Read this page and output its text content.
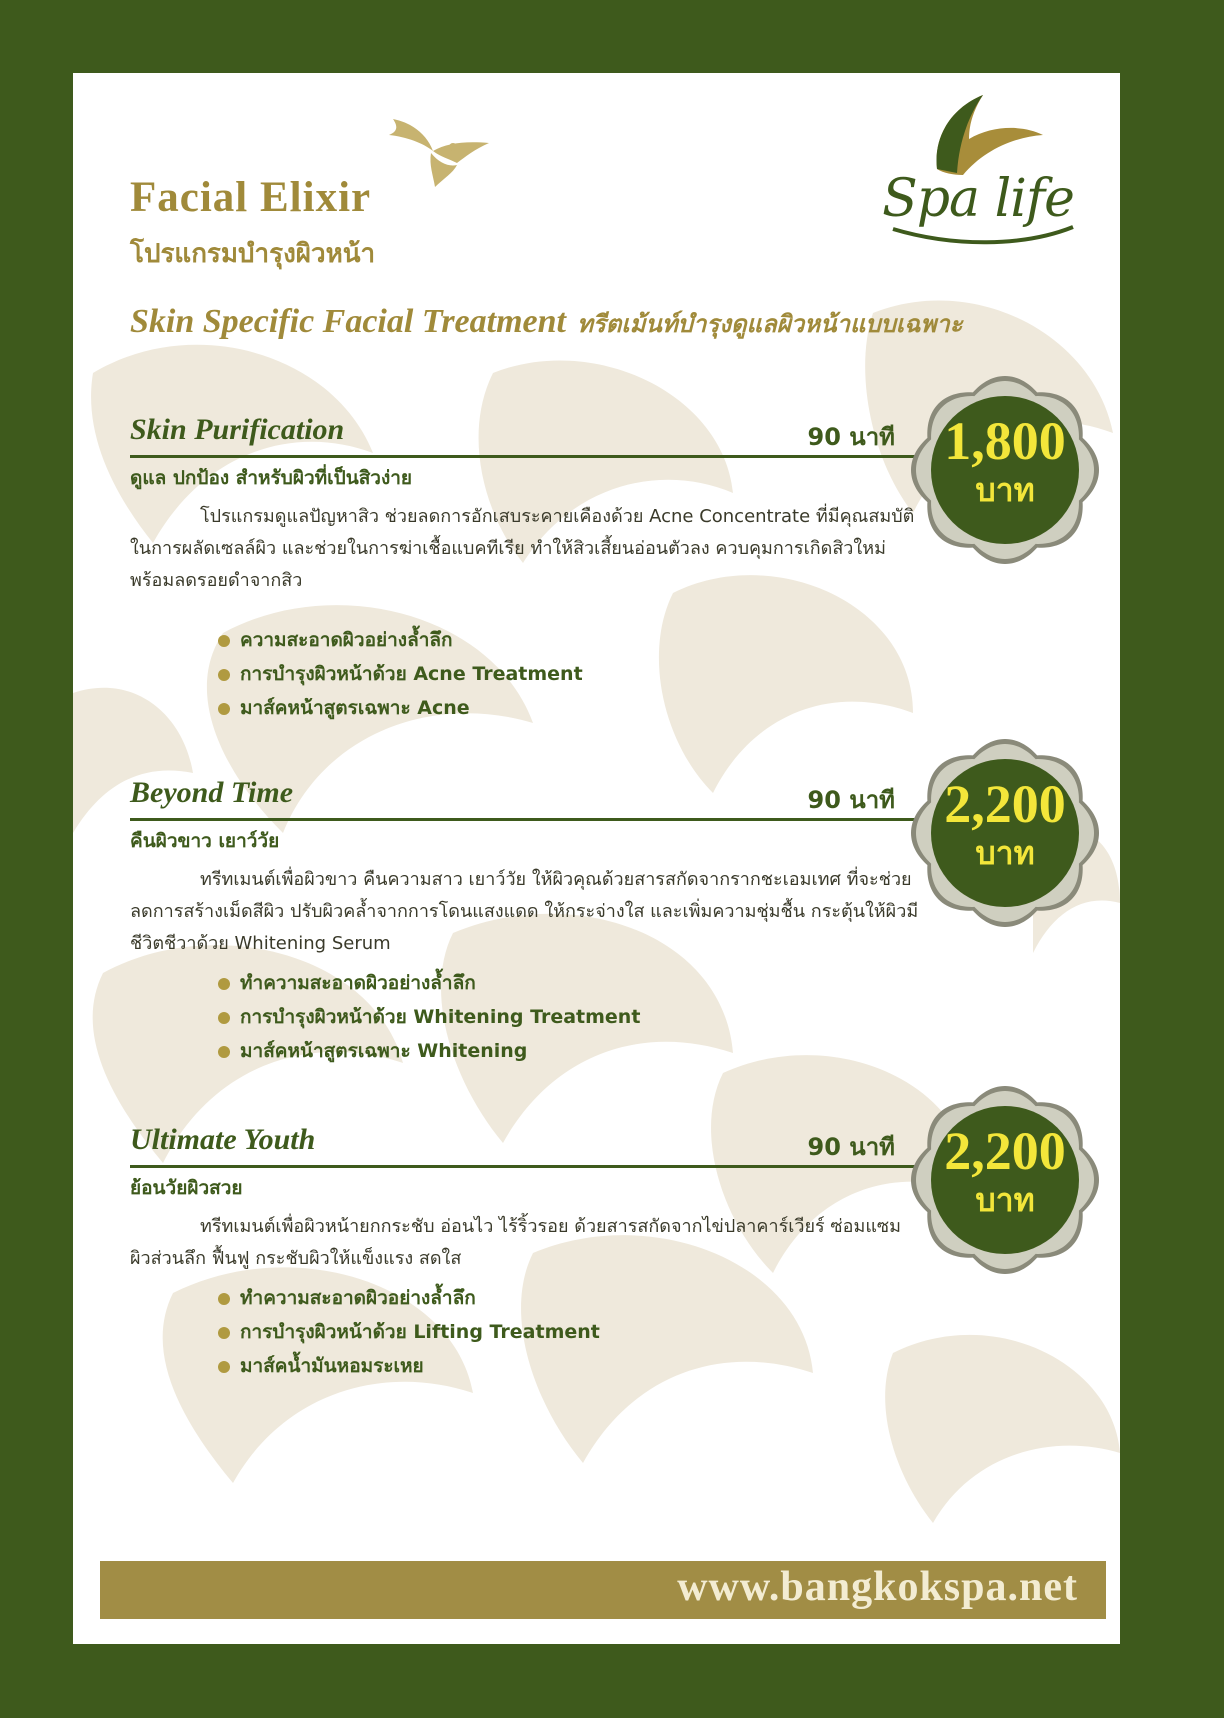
Spa life
Facial Elixir
โปรแกรมบำรุงผิวหน้า
Skin Specific Facial Treatment ทรีตเม้นท์บำรุงดูแลผิวหน้าแบบเฉพาะ
Skin Purification	90 นาที
ดูแล ปกป้อง สำหรับผิวที่เป็นสิวง่าย

โปรแกรมดูแลปัญหาสิว ช่วยลดการอักเสบระคายเคืองด้วย Acne Concentrate ที่มีคุณสมบัติในการผลัดเซลล์ผิว และช่วยในการฆ่าเชื้อแบคทีเรีย ทำให้สิวเสี้ยนอ่อนตัวลง ควบคุมการเกิดสิวใหม่ พร้อมลดรอยดำจากสิว

ความสะอาดผิวอย่างล้ำลึก
การบำรุงผิวหน้าด้วย Acne Treatment
มาส์คหน้าสูตรเฉพาะ Acne
Beyond Time	90 นาที
คืนผิวขาว เยาว์วัย

ทรีทเมนต์เพื่อผิวขาว คืนความสาว เยาว์วัย ให้ผิวคุณด้วยสารสกัดจากรากชะเอมเทศ ที่จะช่วยลดการสร้างเม็ดสีผิว ปรับผิวคล้ำจากการโดนแสงแดด ให้กระจ่างใส และเพิ่มความชุ่มชื้น กระตุ้นให้ผิวมีชีวิตชีวาด้วย Whitening Serum

ทำความสะอาดผิวอย่างล้ำลึก
การบำรุงผิวหน้าด้วย Whitening Treatment
มาส์คหน้าสูตรเฉพาะ Whitening
Ultimate Youth	90 นาที
ย้อนวัยผิวสวย

ทรีทเมนต์เพื่อผิวหน้ายกกระชับ อ่อนไว ไร้ริ้วรอย ด้วยสารสกัดจากไข่ปลาคาร์เวียร์ ซ่อมแซมผิวส่วนลึก ฟื้นฟู กระชับผิวให้แข็งแรง สดใส

ทำความสะอาดผิวอย่างล้ำลึก
การบำรุงผิวหน้าด้วย Lifting Treatment
มาส์คน้ำมันหอมระเหย
1,800
บาท
2,200
บาท
2,200
บาท
www.bangkokspa.net
